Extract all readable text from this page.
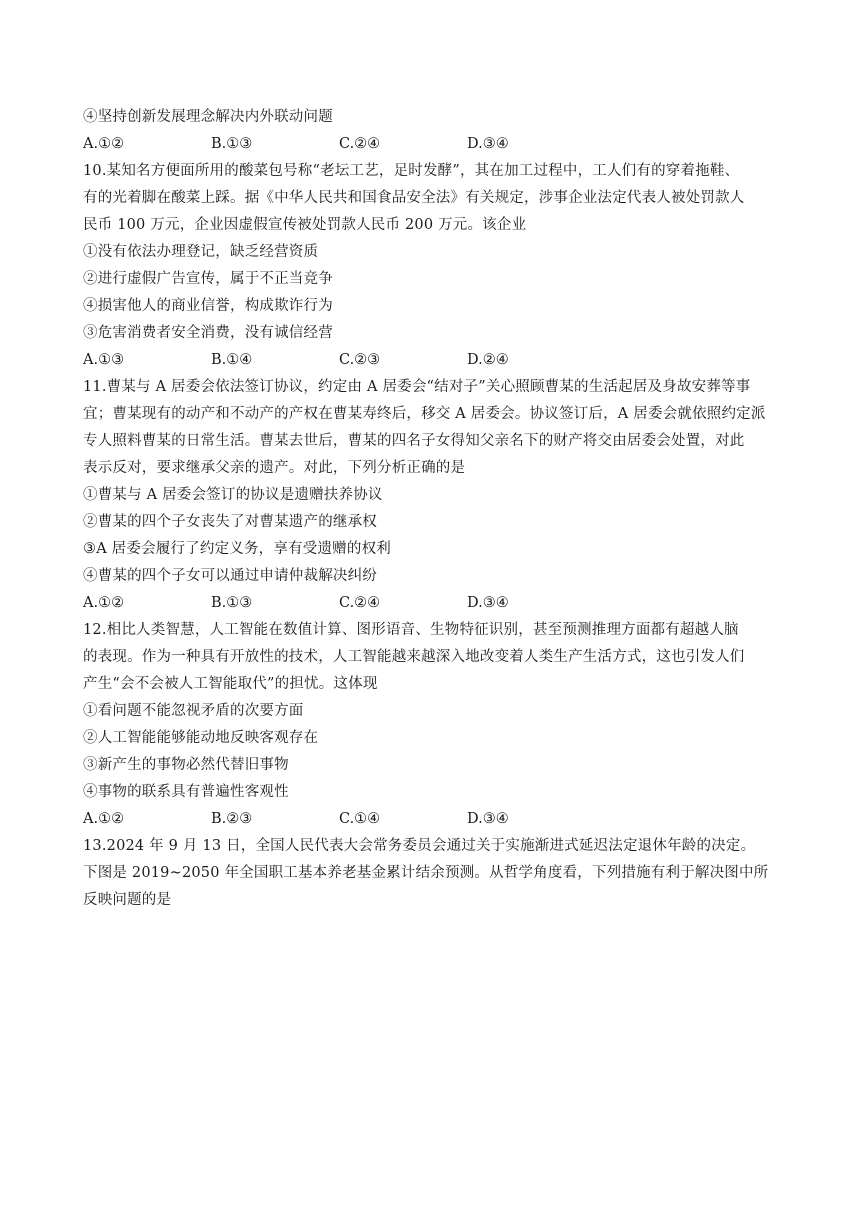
④坚持创新发展理念解决内外联动问题
A.①②	B.①③	C.②④	D.③④
10.某知名方便面所用的酸菜包号称“老坛工艺，足时发酵”，其在加工过程中，工人们有的穿着拖鞋、
有的光着脚在酸菜上踩。据《中华人民共和国食品安全法》有关规定，涉事企业法定代表人被处罚款人
民币 100 万元，企业因虚假宣传被处罚款人民币 200 万元。该企业
①没有依法办理登记，缺乏经营资质
②进行虚假广告宣传，属于不正当竞争
④损害他人的商业信誉，构成欺诈行为
③危害消费者安全消费，没有诚信经营
A.①③	B.①④	C.②③	D.②④
11.曹某与 A 居委会依法签订协议，约定由 A 居委会“结对子”关心照顾曹某的生活起居及身故安葬等事
宜；曹某现有的动产和不动产的产权在曹某寿终后，移交 A 居委会。协议签订后，A 居委会就依照约定派
专人照料曹某的日常生活。曹某去世后，曹某的四名子女得知父亲名下的财产将交由居委会处置，对此
表示反对，要求继承父亲的遗产。对此，下列分析正确的是
①曹某与 A 居委会签订的协议是遗赠扶养协议
②曹某的四个子女丧失了对曹某遗产的继承权
③A 居委会履行了约定义务，享有受遗赠的权利
④曹某的四个子女可以通过申请仲裁解决纠纷
A.①②	B.①③	C.②④	D.③④
12.相比人类智慧，人工智能在数值计算、图形语音、生物特征识别，甚至预测推理方面都有超越人脑
的表现。作为一种具有开放性的技术，人工智能越来越深入地改变着人类生产生活方式，这也引发人们
产生“会不会被人工智能取代”的担忧。这体现
①看问题不能忽视矛盾的次要方面
②人工智能能够能动地反映客观存在
③新产生的事物必然代替旧事物
④事物的联系具有普遍性客观性
A.①②	B.②③	C.①④	D.③④
13.2024 年 9 月 13 日，全国人民代表大会常务委员会通过关于实施渐进式延迟法定退休年龄的决定。
下图是 2019~2050 年全国职工基本养老基金累计结余预测。从哲学角度看，下列措施有利于解决图中所
反映问题的是
